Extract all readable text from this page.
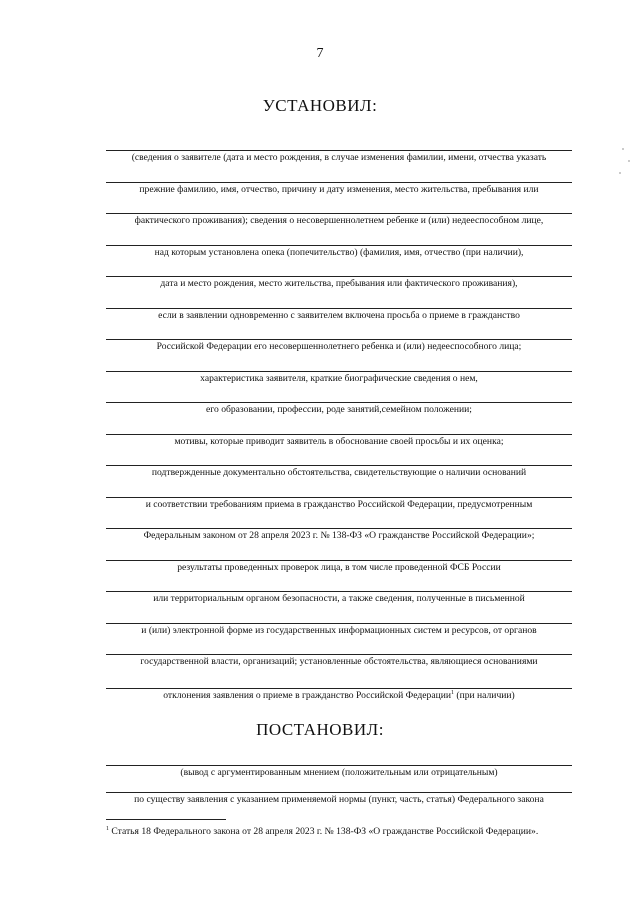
7
УСТАНОВИЛ:
(сведения о заявителе (дата и место рождения, в случае изменения фамилии, имени, отчества указать
прежние фамилию, имя, отчество, причину и дату изменения, место жительства, пребывания или
фактического проживания); сведения о несовершеннолетнем ребенке и (или) недееспособном лице,
над которым установлена опека (попечительство) (фамилия, имя, отчество (при наличии),
дата и место рождения, место жительства, пребывания или фактического проживания),
если в заявлении одновременно с заявителем включена просьба о приеме в гражданство
Российской Федерации его несовершеннолетнего ребенка и (или) недееспособного лица;
характеристика заявителя, краткие биографические сведения о нем,
его образовании, профессии, роде занятий,семейном положении;
мотивы, которые приводит заявитель в обоснование своей просьбы и их оценка;
подтвержденные документально обстоятельства, свидетельствующие о наличии оснований
и соответствии требованиям приема в гражданство Российской Федерации, предусмотренным
Федеральным законом от 28 апреля 2023 г. № 138-ФЗ «О гражданстве Российской Федерации»;
результаты проведенных проверок лица, в том числе проведенной ФСБ России
или территориальным органом безопасности, а также сведения, полученные в письменной
и (или) электронной форме из государственных информационных систем и ресурсов, от органов
государственной власти, организаций; установленные обстоятельства, являющиеся основаниями
отклонения заявления о приеме в гражданство Российской Федерации$^1$ (при наличии)
ПОСТАНОВИЛ:
(вывод с аргументированным мнением (положительным или отрицательным)
по существу заявления с указанием применяемой нормы (пункт, часть, статья) Федерального закона
$^1$ Статья 18 Федерального закона от 28 апреля 2023 г. № 138-ФЗ «О гражданстве Российской Федерации».
